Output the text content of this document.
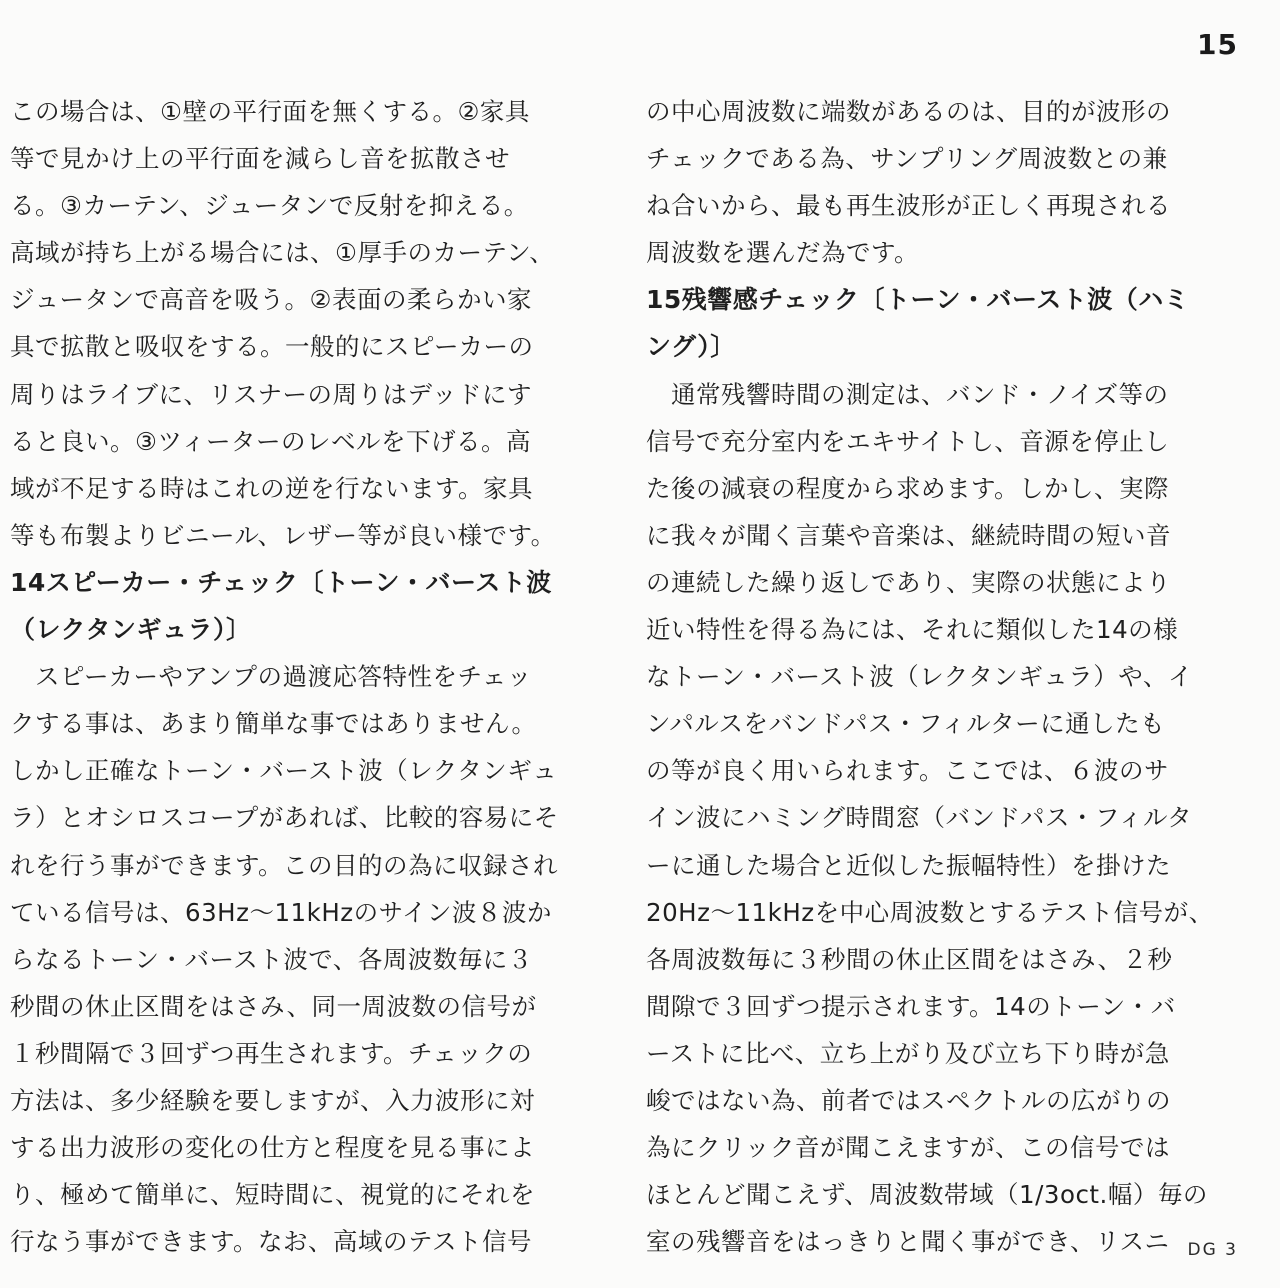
15
この場合は、①壁の平行面を無くする。②家具
等で見かけ上の平行面を減らし音を拡散させ
る。③カーテン、ジュータンで反射を抑える。
高域が持ち上がる場合には、①厚手のカーテン、
ジュータンで高音を吸う。②表面の柔らかい家
具で拡散と吸収をする。一般的にスピーカーの
周りはライブに、リスナーの周りはデッドにす
ると良い。③ツィーターのレベルを下げる。高
域が不足する時はこれの逆を行ないます。家具
等も布製よりビニール、レザー等が良い様です。
14スピーカー・チェック〔トーン・バースト波
（レクタンギュラ）〕
　スピーカーやアンプの過渡応答特性をチェッ
クする事は、あまり簡単な事ではありません。
しかし正確なトーン・バースト波（レクタンギュ
ラ）とオシロスコープがあれば、比較的容易にそ
れを行う事ができます。この目的の為に収録され
ている信号は、63Hz～11kHzのサイン波８波か
らなるトーン・バースト波で、各周波数毎に３
秒間の休止区間をはさみ、同一周波数の信号が
１秒間隔で３回ずつ再生されます。チェックの
方法は、多少経験を要しますが、入力波形に対
する出力波形の変化の仕方と程度を見る事によ
り、極めて簡単に、短時間に、視覚的にそれを
行なう事ができます。なお、高域のテスト信号
の中心周波数に端数があるのは、目的が波形の
チェックである為、サンプリング周波数との兼
ね合いから、最も再生波形が正しく再現される
周波数を選んだ為です。
15残響感チェック〔トーン・バースト波（ハミ
ング）〕
　通常残響時間の測定は、バンド・ノイズ等の
信号で充分室内をエキサイトし、音源を停止し
た後の減衰の程度から求めます。しかし、実際
に我々が聞く言葉や音楽は、継続時間の短い音
の連続した繰り返しであり、実際の状態により
近い特性を得る為には、それに類似した14の様
なトーン・バースト波（レクタンギュラ）や、イ
ンパルスをバンドパス・フィルターに通したも
の等が良く用いられます。ここでは、６波のサ
イン波にハミング時間窓（バンドパス・フィルタ
ーに通した場合と近似した振幅特性）を掛けた
20Hz～11kHzを中心周波数とするテスト信号が、
各周波数毎に３秒間の休止区間をはさみ、２秒
間隙で３回ずつ提示されます。14のトーン・バ
ーストに比べ、立ち上がり及び立ち下り時が急
峻ではない為、前者ではスペクトルの広がりの
為にクリック音が聞こえますが、この信号では
ほとんど聞こえず、周波数帯域（1/3oct.幅）毎の
室の残響音をはっきりと聞く事ができ、リスニ	DG 3
